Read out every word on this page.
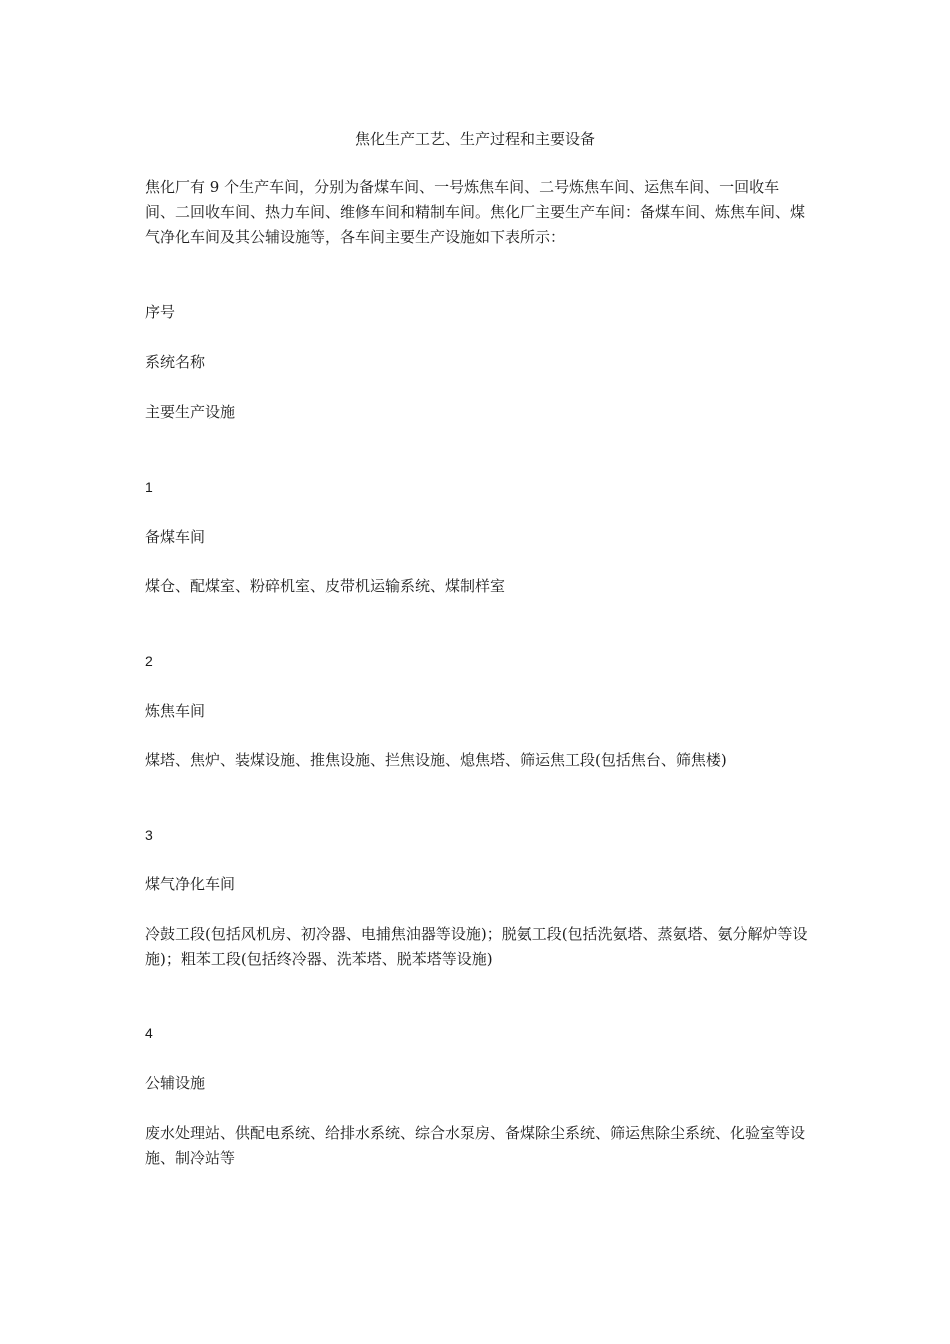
焦化生产工艺、生产过程和主要设备
焦化厂有 9 个生产车间，分别为备煤车间、一号炼焦车间、二号炼焦车间、运焦车间、一回收车间、二回收车间、热力车间、维修车间和精制车间。焦化厂主要生产车间：备煤车间、炼焦车间、煤气净化车间及其公辅设施等，各车间主要生产设施如下表所示：
序号
系统名称
主要生产设施
1
备煤车间
煤仓、配煤室、粉碎机室、皮带机运输系统、煤制样室
2
炼焦车间
煤塔、焦炉、装煤设施、推焦设施、拦焦设施、熄焦塔、筛运焦工段(包括焦台、筛焦楼)
3
煤气净化车间
冷鼓工段(包括风机房、初冷器、电捕焦油器等设施)；脱氨工段(包括洗氨塔、蒸氨塔、氨分解炉等设施)；粗苯工段(包括终冷器、洗苯塔、脱苯塔等设施)
4
公辅设施
废水处理站、供配电系统、给排水系统、综合水泵房、备煤除尘系统、筛运焦除尘系统、化验室等设施、制冷站等
